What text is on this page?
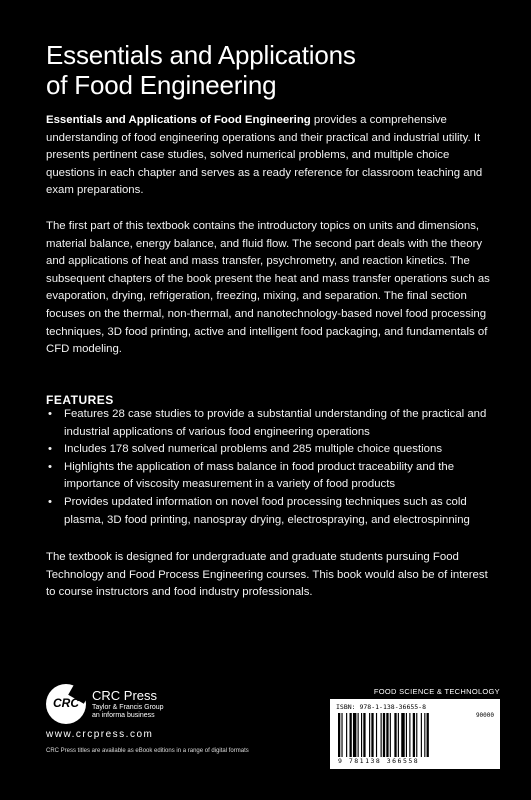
Essentials and Applications
of Food Engineering
Essentials and Applications of Food Engineering provides a comprehensive understanding of food engineering operations and their practical and industrial utility. It presents pertinent case studies, solved numerical problems, and multiple choice questions in each chapter and serves as a ready reference for classroom teaching and exam preparations.
The first part of this textbook contains the introductory topics on units and dimensions, material balance, energy balance, and fluid flow. The second part deals with the theory and applications of heat and mass transfer, psychrometry, and reaction kinetics. The subsequent chapters of the book present the heat and mass transfer operations such as evaporation, drying, refrigeration, freezing, mixing, and separation. The final section focuses on the thermal, non-thermal, and nanotechnology-based novel food processing techniques, 3D food printing, active and intelligent food packaging, and fundamentals of CFD modeling.
FEATURES
• Features 28 case studies to provide a substantial understanding of the practical and industrial applications of various food engineering operations
• Includes 178 solved numerical problems and 285 multiple choice questions
• Highlights the application of mass balance in food product traceability and the importance of viscosity measurement in a variety of food products
• Provides updated information on novel food processing techniques such as cold plasma, 3D food printing, nanospray drying, electrospraying, and electrospinning
The textbook is designed for undergraduate and graduate students pursuing Food Technology and Food Process Engineering courses. This book would also be of interest to course instructors and food industry professionals.
CRC	CRC Press
Taylor & Francis Group
an informa business
www.crcpress.com
CRC Press titles are available as eBook editions in a range of digital formats
FOOD SCIENCE & TECHNOLOGY
ISBN: 978-1-138-36655-8
90000
9 781138 366558
